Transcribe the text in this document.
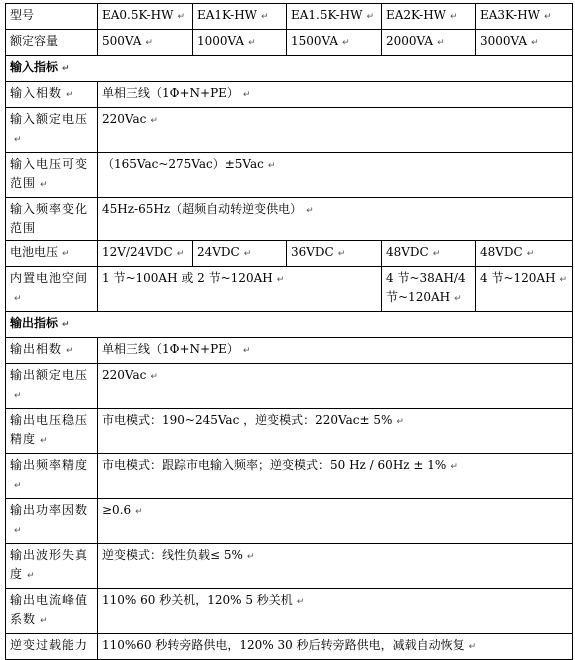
型号	EA0.5K-HW ↵	EA1K-HW ↵	EA1.5K-HW ↵	EA2K-HW ↵	EA3K-HW ↵
额定容量	500VA ↵	1000VA ↵	1500VA ↵	2000VA ↵	3000VA ↵
输入指标 ↵					
输入相数 ↵	单相三线（1Φ+N+PE） ↵				
输入额定电压↵	220Vac ↵				
输入电压可变范围 ↵	（165Vac~275Vac）±5Vac ↵				
输入频率变化范围	45Hz-65Hz（超频自动转逆变供电） ↵				
电池电压 ↵	12V/24VDC ↵	24VDC ↵	36VDC ↵	48VDC ↵	48VDC ↵
内置电池空间↵	1 节~100AH 或 2 节~120AH ↵			4 节~38AH/4 节~120AH ↵	4 节~120AH ↵
输出指标 ↵					
输出相数 ↵	单相三线（1Φ+N+PE） ↵				
输出额定电压↵	220Vac ↵				
输出电压稳压精度 ↵	市电模式：190~245Vac ，逆变模式：220Vac± 5% ↵				
输出频率精度↵	市电模式：跟踪市电输入频率；逆变模式：50 Hz / 60Hz ± 1% ↵				
输出功率因数↵	≥0.6 ↵				
输出波形失真度 ↵	逆变模式：线性负载≤ 5% ↵				
输出电流峰值系数 ↵	110% 60 秒关机，120% 5 秒关机 ↵				
逆变过载能力	110%60 秒转旁路供电，120% 30 秒后转旁路供电，减载自动恢复 ↵				
